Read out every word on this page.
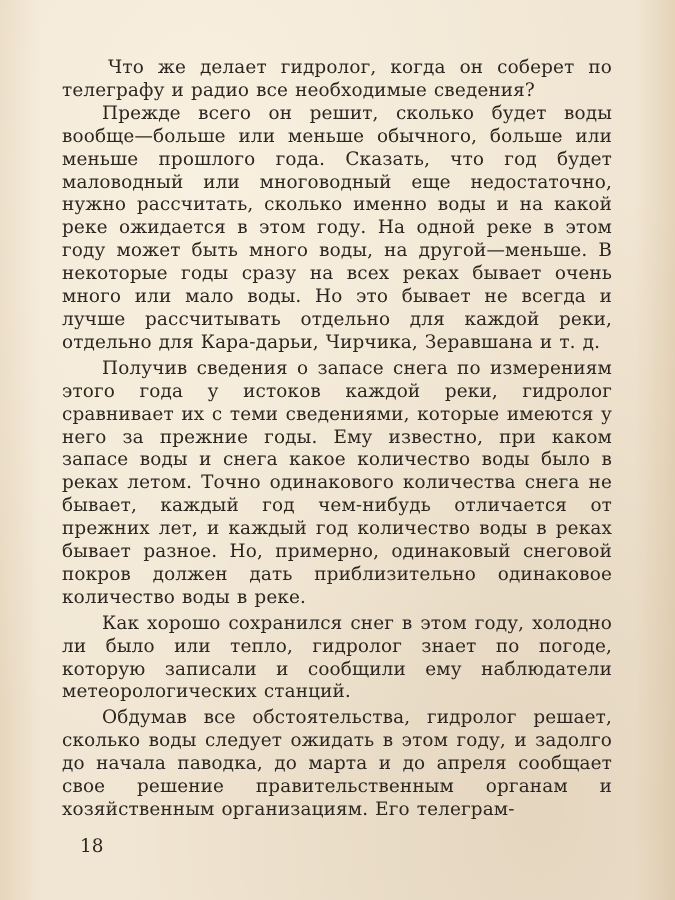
Что же делает гидролог, когда он соберет по телеграфу и радио все необходимые сведения?

Прежде всего он решит, сколько будет воды вообще—больше или меньше обычного, больше или меньше прошлого года. Сказать, что год будет маловодный или многоводный еще недостаточно, нужно рассчитать, сколько именно воды и на какой реке ожидается в этом году. На одной реке в этом году может быть много воды, на другой—меньше. В некоторые годы сразу на всех реках бывает очень много или мало воды. Но это бывает не всегда и лучше рассчитывать отдельно для каждой реки, отдельно для Кара-дарьи, Чирчика, Зеравшана и т. д.

Получив сведения о запасе снега по измерениям этого года у истоков каждой реки, гидролог сравнивает их с теми сведениями, которые имеются у него за прежние годы. Ему известно, при каком запасе воды и снега какое количество воды было в реках летом. Точно одинакового количества снега не бывает, каждый год чем-нибудь отличается от прежних лет, и каждый год количество воды в реках бывает разное. Но, примерно, одинаковый снеговой покров должен дать приблизительно одинаковое количество воды в реке.

Как хорошо сохранился снег в этом году, холодно ли было или тепло, гидролог знает по погоде, которую записали и сообщили ему наблюдатели метеорологических станций.

Обдумав все обстоятельства, гидролог решает, сколько воды следует ожидать в этом году, и задолго до начала паводка, до марта и до апреля сообщает свое решение правительственным органам и хозяйственным организациям. Его телеграм-

18
